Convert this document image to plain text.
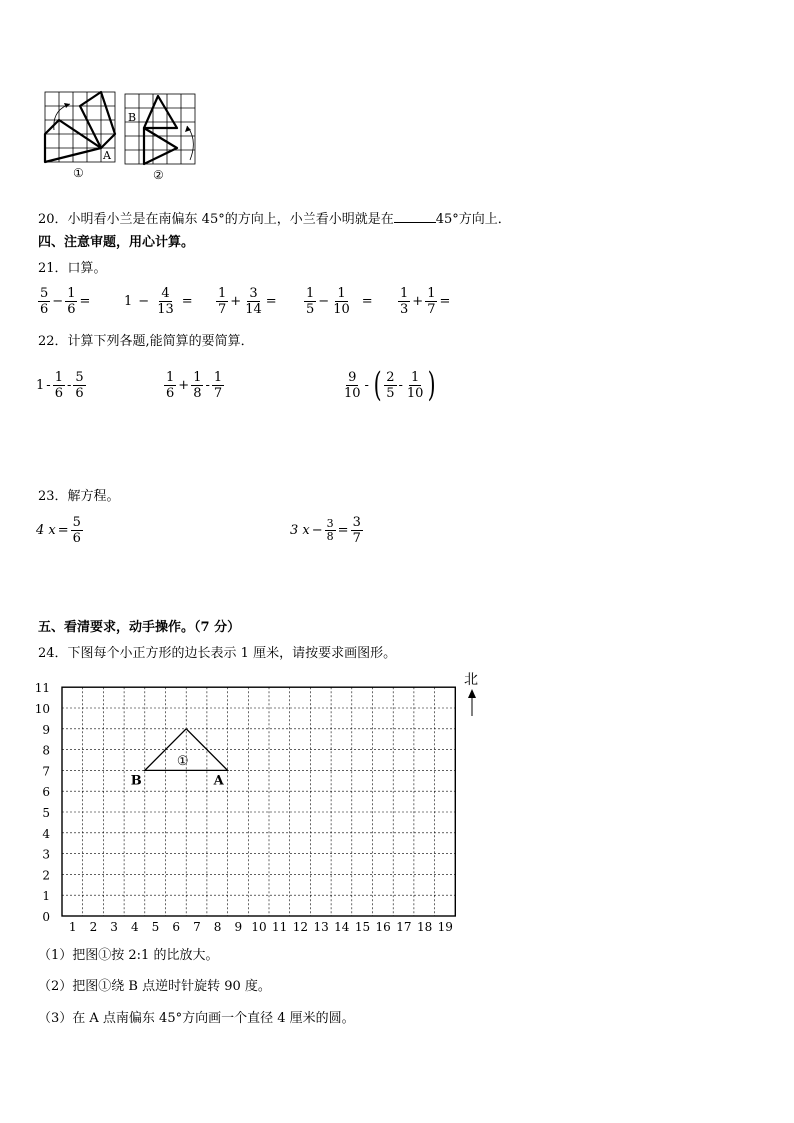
A
①
B
②
20．小明看小兰是在南偏东 45°的方向上，小兰看小明就是在	45°方向上．
四、注意审题，用心计算。
21．口算。
$\frac{5}{6} - \frac{1}{6}$ =	$1 - \frac{4}{13} = \frac{1}{7} + \frac{3}{14} = \frac{1}{5} - \frac{1}{10} = \frac{1}{3} + \frac{1}{7}$ =
22．计算下列各题,能简算的要简算．
$1 - \frac{1}{6} - \frac{5}{6}$	$\frac{1}{6} + \frac{1}{8} - \frac{1}{7}$	$\frac{9}{10}$ - ( $\frac{2}{5} - \frac{1}{10}$ )
23．解方程。
4 $x = \frac{5}{6}$	3 $x - \frac{3}{8} = \frac{3}{7}$
五、看清要求，动手操作。（7 分）
24．下图每个小正方形的边长表示 1 厘米，请按要求画图形。
0
1
2
3
4
5
6
7
8
9
10
11
1 2 3 4 5 6 7 8 9 10 11 12 13 14 15 16 17 18 19
北
①
B	A
（1）把图①按 2:1 的比放大。
（2）把图①绕 B 点逆时针旋转 90 度。
（3）在 A 点南偏东 45°方向画一个直径 4 厘米的圆。
